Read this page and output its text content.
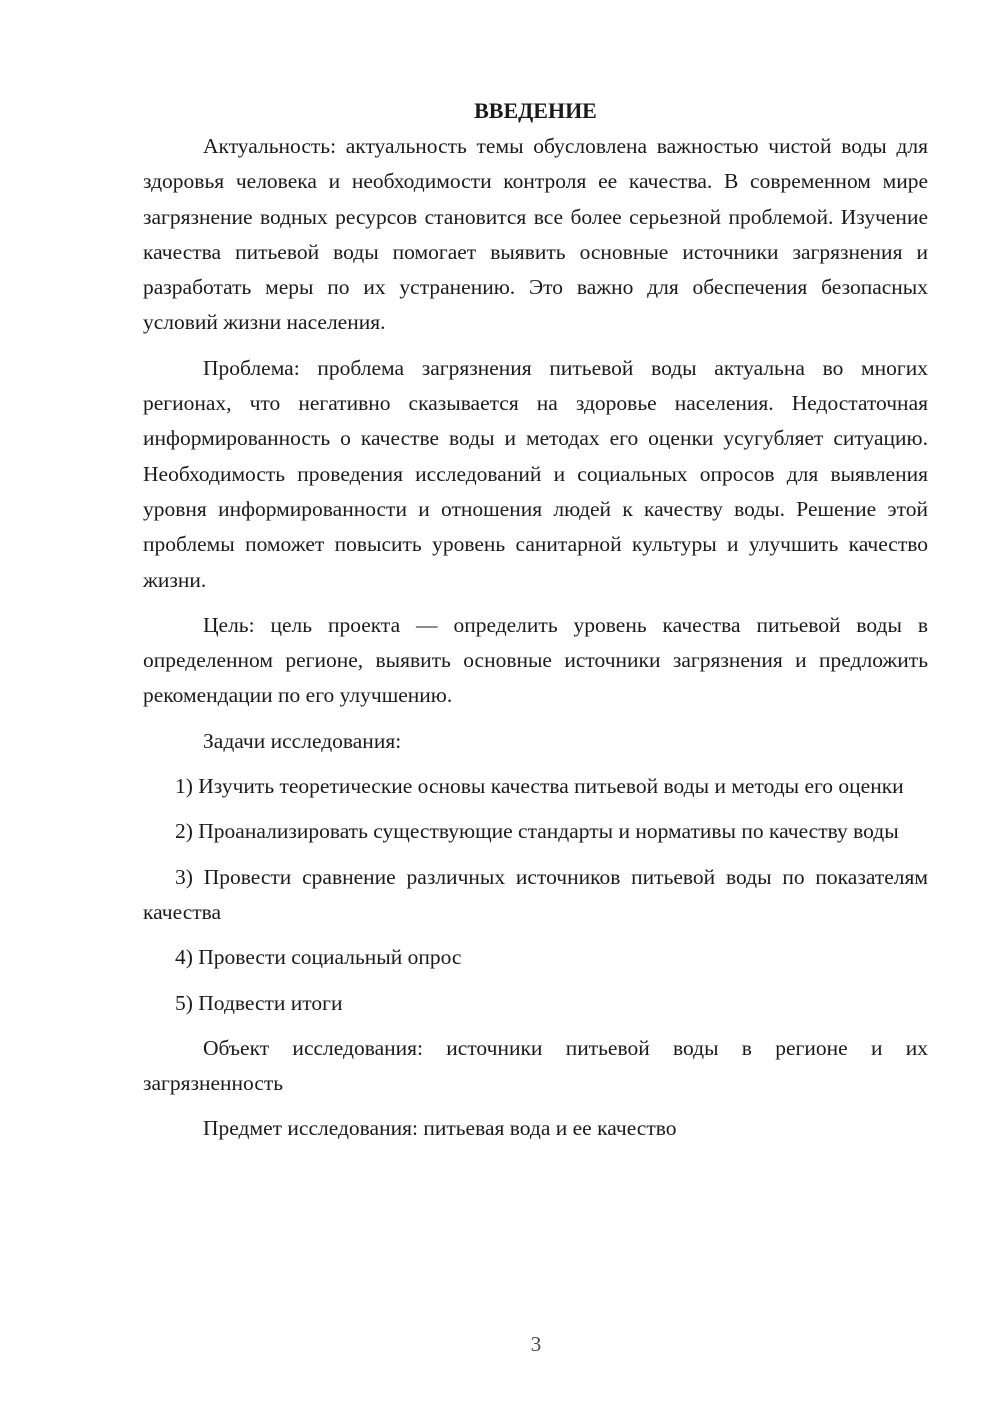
ВВЕДЕНИЕ

Актуальность: актуальность темы обусловлена важностью чистой воды для здоровья человека и необходимости контроля ее качества. В современном мире загрязнение водных ресурсов становится все более серьезной проблемой. Изучение качества питьевой воды помогает выявить основные источники загрязнения и разработать меры по их устранению. Это важно для обеспечения безопасных условий жизни населения.

Проблема: проблема загрязнения питьевой воды актуальна во многих регионах, что негативно сказывается на здоровье населения. Недостаточная информированность о качестве воды и методах его оценки усугубляет ситуацию. Необходимость проведения исследований и социальных опросов для выявления уровня информированности и отношения людей к качеству воды. Решение этой проблемы поможет повысить уровень санитарной культуры и улучшить качество жизни.

Цель: цель проекта — определить уровень качества питьевой воды в определенном регионе, выявить основные источники загрязнения и предложить рекомендации по его улучшению.

Задачи исследования:

1) Изучить теоретические основы качества питьевой воды и методы его оценки

2) Проанализировать существующие стандарты и нормативы по качеству воды

3) Провести сравнение различных источников питьевой воды по показателям качества

4) Провести социальный опрос

5) Подвести итоги

Объект исследования: источники питьевой воды в регионе и их загрязненность

Предмет исследования: питьевая вода и ее качество

3
